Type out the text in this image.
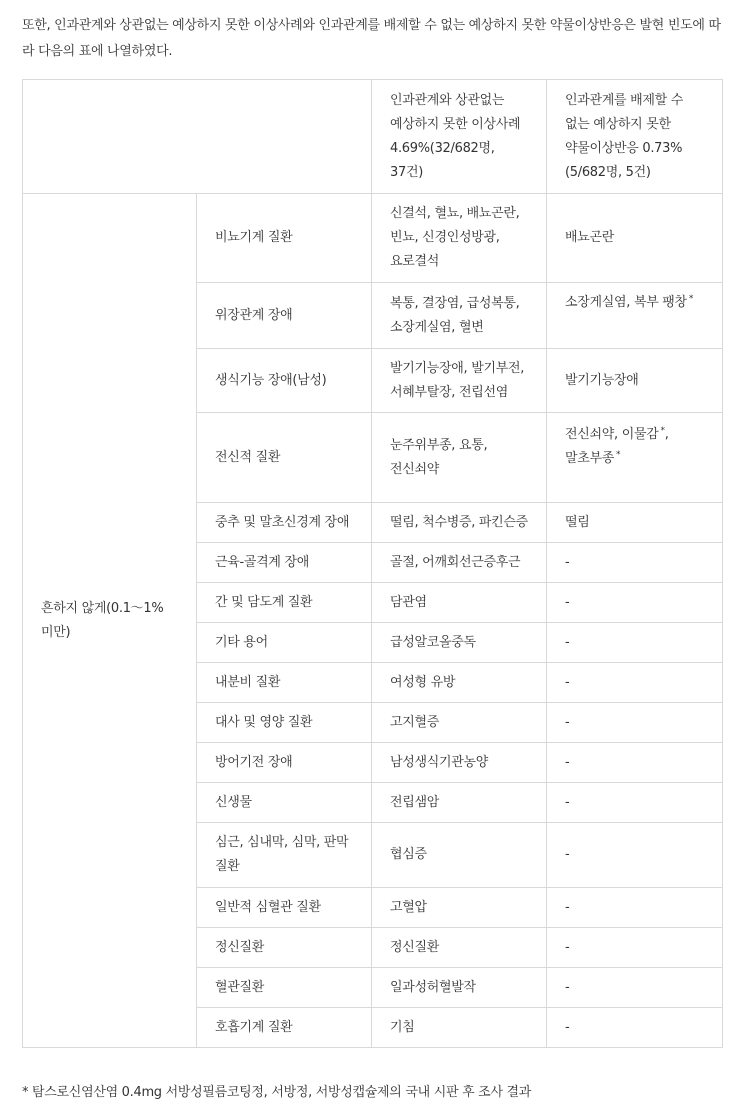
또한, 인과관계와 상관없는 예상하지 못한 이상사례와 인과관계를 배제할 수 없는 예상하지 못한 약물이상반응은 발현 빈도에 따라 다음의 표에 나열하였다.

		인과관계와 상관없는 예상하지 못한 이상사례 4.69%(32/682명, 37건)	인과관계를 배제할 수 없는 예상하지 못한 약물이상반응 0.73%(5/682명, 5건)
흔하지 않게(0.1～1%미만)	비뇨기계 질환	신결석, 혈뇨, 배뇨곤란, 빈뇨, 신경인성방광, 요로결석	배뇨곤란
	위장관계 장애	복통, 결장염, 급성복통, 소장게실염, 혈변	소장게실염, 복부 팽창 *
	생식기능 장애(남성)	발기기능장애, 발기부전, 서혜부탈장, 전립선염	발기기능장애
	전신적 질환	눈주위부종, 요통, 전신쇠약	전신쇠약, 이물감 *, 말초부종 *
	중추 및 말초신경계 장애	떨림, 척수병증, 파킨슨증	떨림
	근육-골격계 장애	골절, 어깨회선근증후근	-
	간 및 담도계 질환	담관염	-
	기타 용어	급성알코올중독	-
	내분비 질환	여성형 유방	-
	대사 및 영양 질환	고지혈증	-
	방어기전 장애	남성생식기관농양	-
	신생물	전립샘암	-
	심근, 심내막, 심막, 판막 질환	협심증	-
	일반적 심혈관 질환	고혈압	-
	정신질환	정신질환	-
	혈관질환	일과성허혈발작	-
	호흡기계 질환	기침	-
* 탐스로신염산염 0.4mg 서방성필름코팅정, 서방정, 서방성캡슐제의 국내 시판 후 조사 결과
